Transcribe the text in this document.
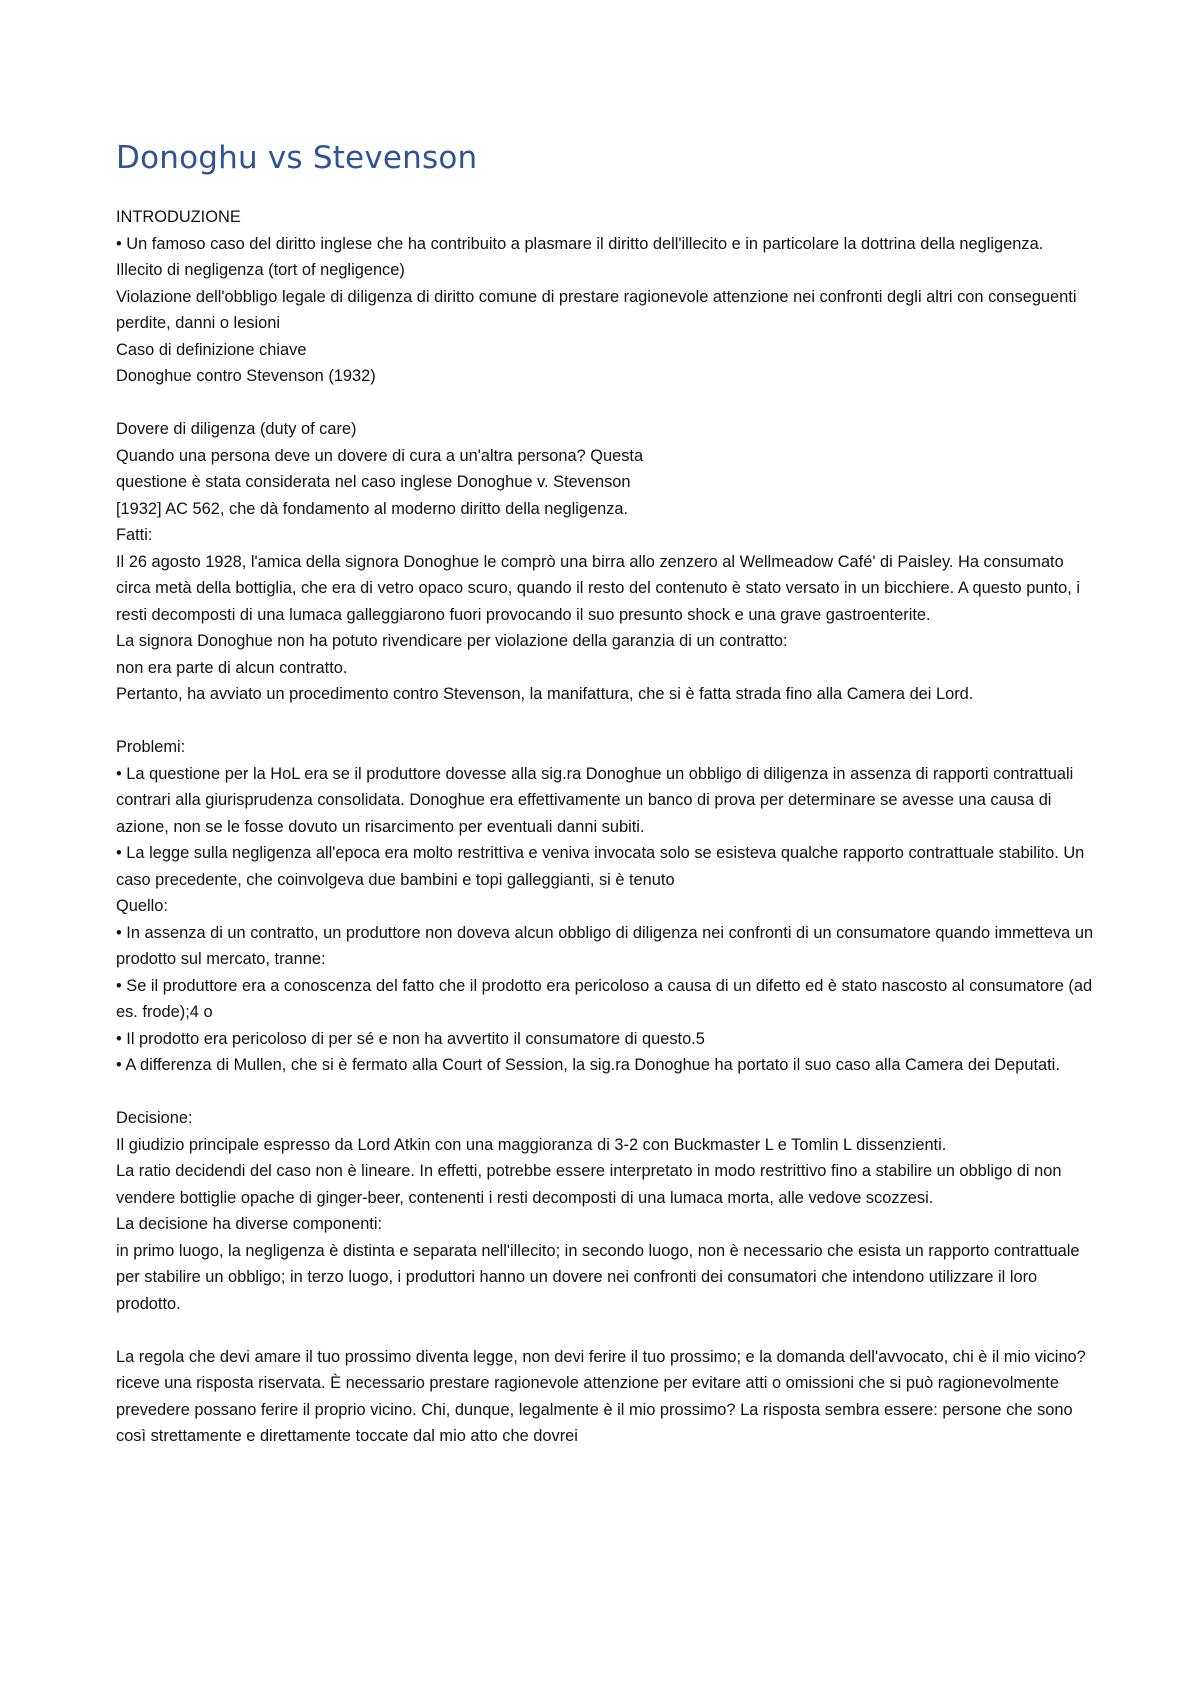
Donoghu vs Stevenson

INTRODUZIONE

• Un famoso caso del diritto inglese che ha contribuito a plasmare il diritto dell'illecito e in particolare la dottrina della negligenza.

Illecito di negligenza (tort of negligence)

Violazione dell'obbligo legale di diligenza di diritto comune di prestare ragionevole attenzione nei confronti degli altri con conseguenti perdite, danni o lesioni

Caso di definizione chiave

Donoghue contro Stevenson (1932)

Dovere di diligenza (duty of care)

Quando una persona deve un dovere di cura a un'altra persona? Questa

questione è stata considerata nel caso inglese Donoghue v. Stevenson

[1932] AC 562, che dà fondamento al moderno diritto della negligenza.

Fatti:

Il 26 agosto 1928, l'amica della signora Donoghue le comprò una birra allo zenzero al Wellmeadow Café' di Paisley. Ha consumato circa metà della bottiglia, che era di vetro opaco scuro, quando il resto del contenuto è stato versato in un bicchiere. A questo punto, i resti decomposti di una lumaca galleggiarono fuori provocando il suo presunto shock e una grave gastroenterite.

La signora Donoghue non ha potuto rivendicare per violazione della garanzia di un contratto:

non era parte di alcun contratto.

Pertanto, ha avviato un procedimento contro Stevenson, la manifattura, che si è fatta strada fino alla Camera dei Lord.

Problemi:

• La questione per la HoL era se il produttore dovesse alla sig.ra Donoghue un obbligo di diligenza in assenza di rapporti contrattuali contrari alla giurisprudenza consolidata. Donoghue era effettivamente un banco di prova per determinare se avesse una causa di azione, non se le fosse dovuto un risarcimento per eventuali danni subiti.

• La legge sulla negligenza all'epoca era molto restrittiva e veniva invocata solo se esisteva qualche rapporto contrattuale stabilito. Un caso precedente, che coinvolgeva due bambini e topi galleggianti, si è tenuto

Quello:

• In assenza di un contratto, un produttore non doveva alcun obbligo di diligenza nei confronti di un consumatore quando immetteva un prodotto sul mercato, tranne:

• Se il produttore era a conoscenza del fatto che il prodotto era pericoloso a causa di un difetto ed è stato nascosto al consumatore (ad es. frode);4 o

• Il prodotto era pericoloso di per sé e non ha avvertito il consumatore di questo.5

• A differenza di Mullen, che si è fermato alla Court of Session, la sig.ra Donoghue ha portato il suo caso alla Camera dei Deputati.

Decisione:

Il giudizio principale espresso da Lord Atkin con una maggioranza di 3-2 con Buckmaster L e Tomlin L dissenzienti.

La ratio decidendi del caso non è lineare. In effetti, potrebbe essere interpretato in modo restrittivo fino a stabilire un obbligo di non vendere bottiglie opache di ginger-beer, contenenti i resti decomposti di una lumaca morta, alle vedove scozzesi.

La decisione ha diverse componenti:

in primo luogo, la negligenza è distinta e separata nell'illecito; in secondo luogo, non è necessario che esista un rapporto contrattuale per stabilire un obbligo; in terzo luogo, i produttori hanno un dovere nei confronti dei consumatori che intendono utilizzare il loro prodotto.

La regola che devi amare il tuo prossimo diventa legge, non devi ferire il tuo prossimo; e la domanda dell'avvocato, chi è il mio vicino? riceve una risposta riservata. È necessario prestare ragionevole attenzione per evitare atti o omissioni che si può ragionevolmente prevedere possano ferire il proprio vicino. Chi, dunque, legalmente è il mio prossimo? La risposta sembra essere: persone che sono così strettamente e direttamente toccate dal mio atto che dovrei
